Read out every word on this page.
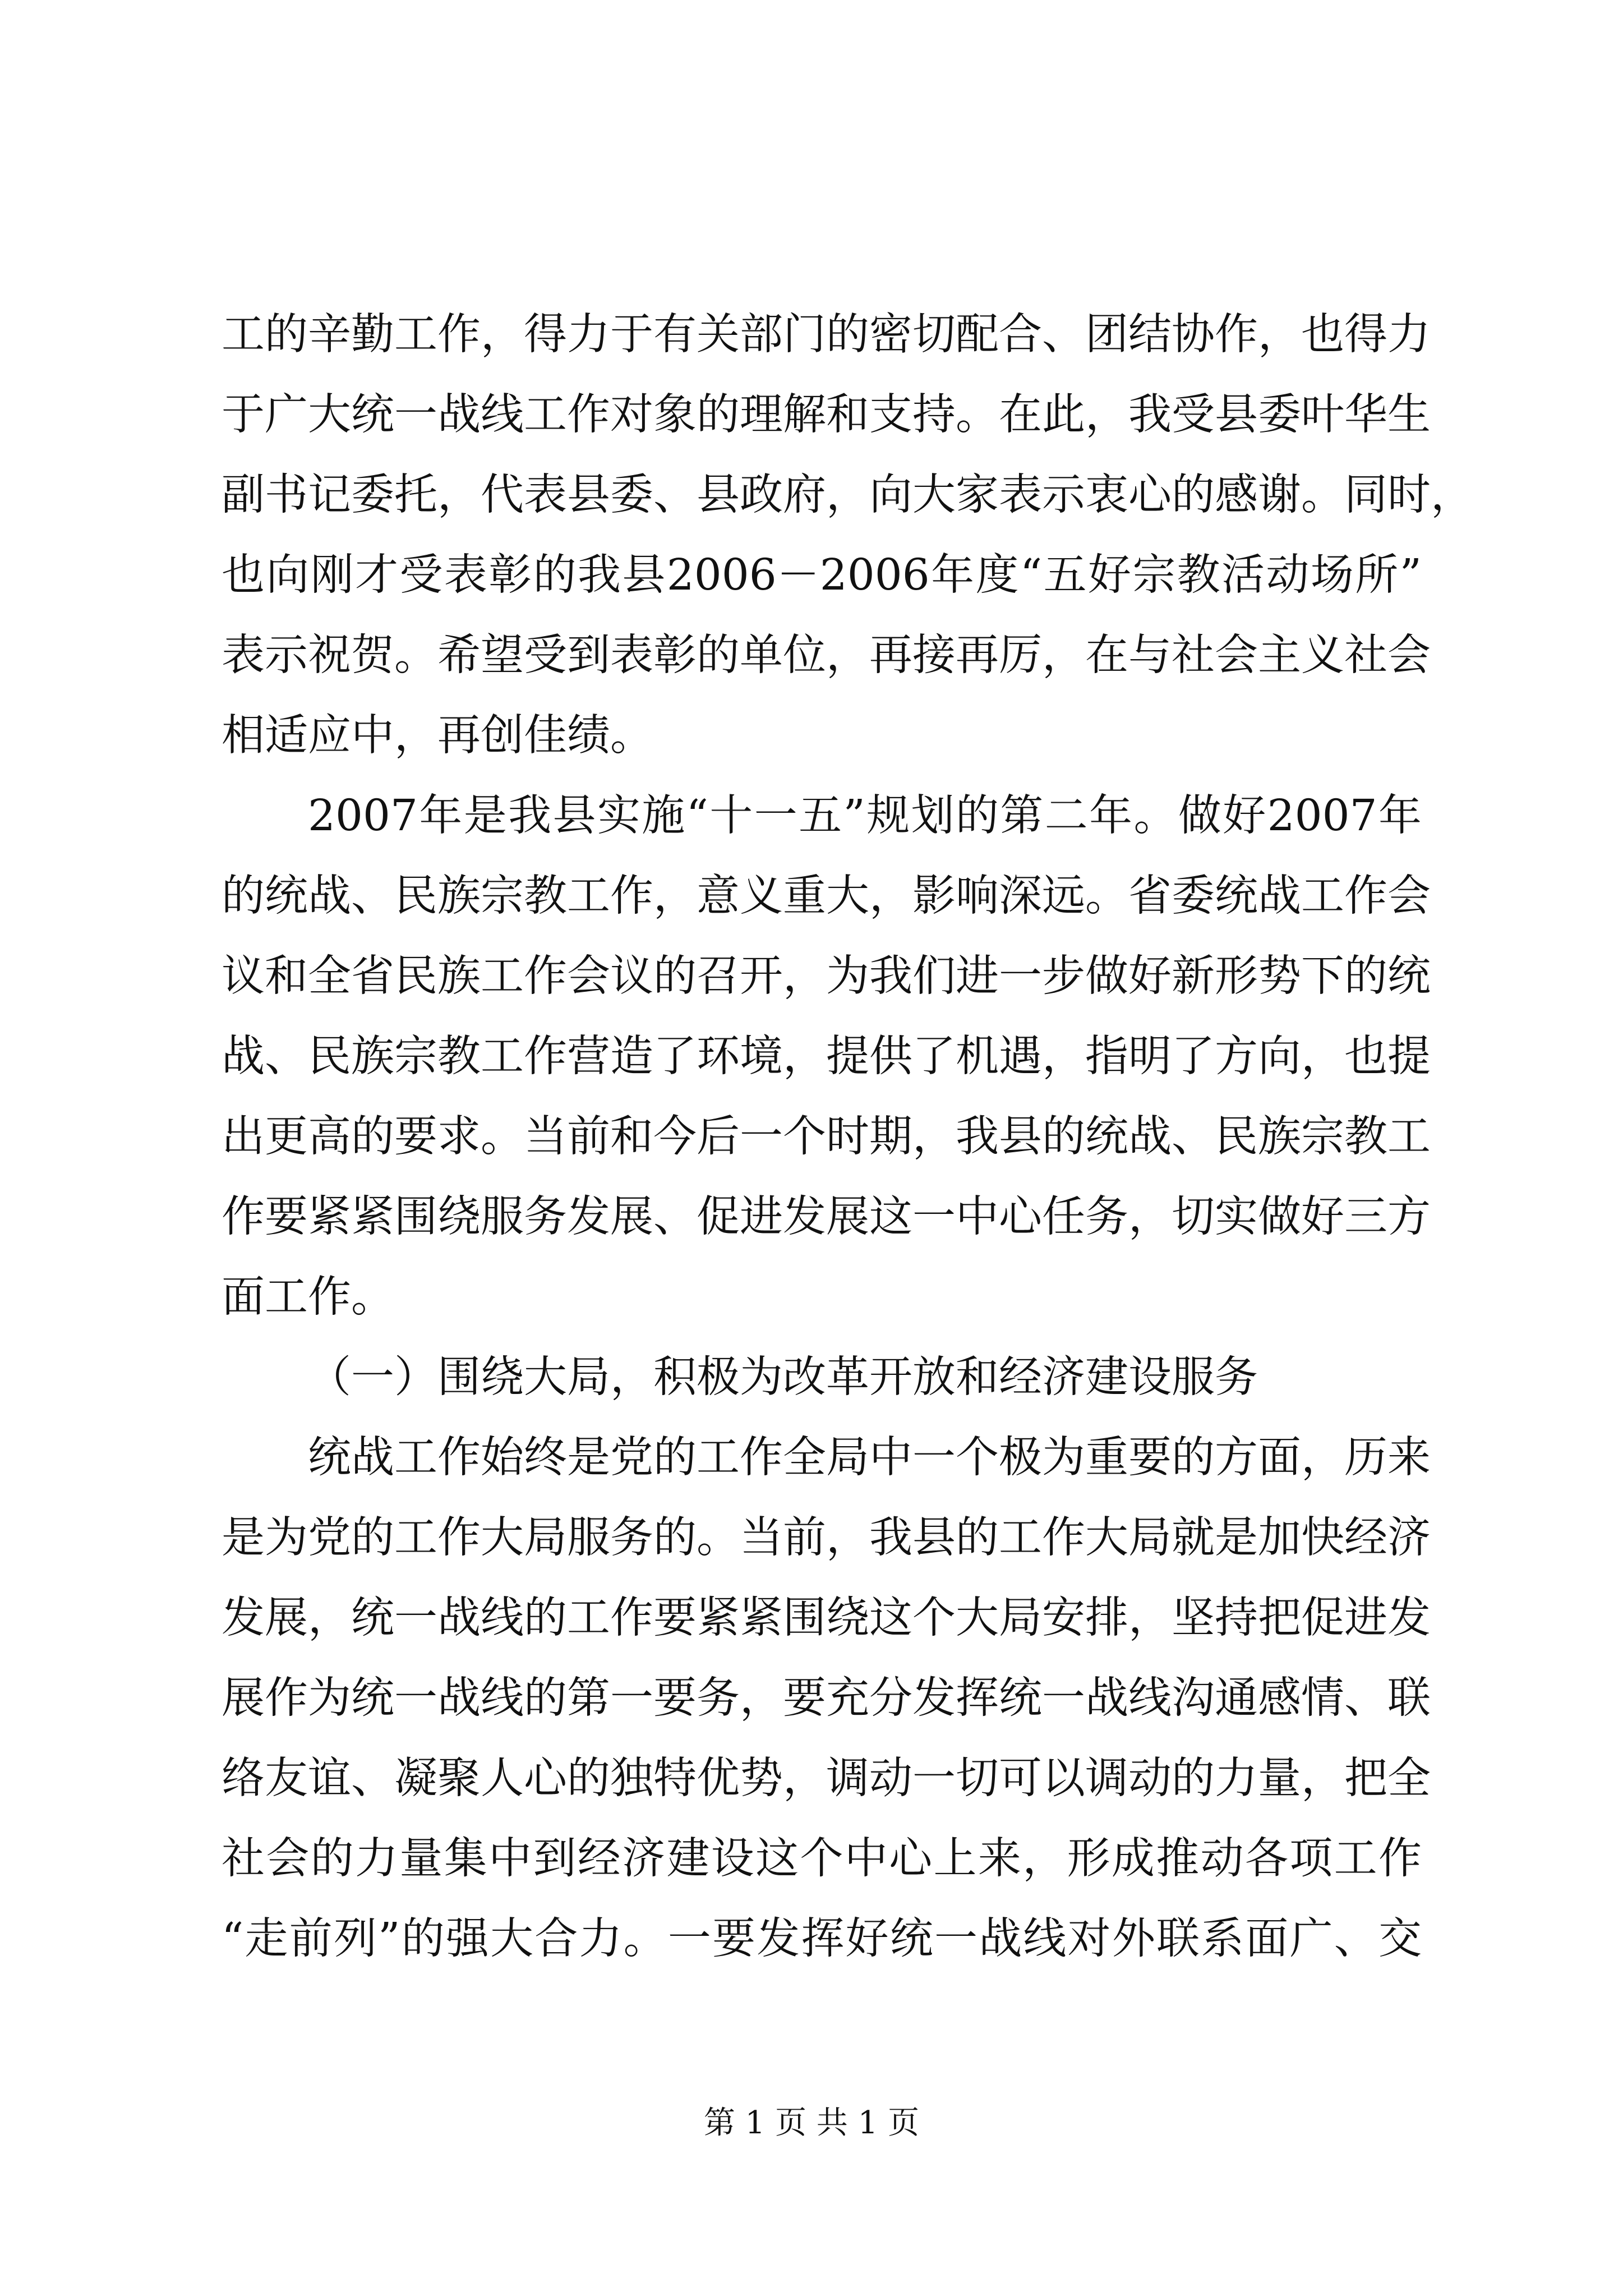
工的辛勤工作，得力于有关部门的密切配合、团结协作，也得力
于广大统一战线工作对象的理解和支持。在此，我受县委叶华生
副书记委托，代表县委、县政府，向大家表示衷心的感谢。同时，
也向刚才受表彰的我县2006－2006年度“五好宗教活动场所”
表示祝贺。希望受到表彰的单位，再接再厉，在与社会主义社会
相适应中，再创佳绩。
2007年是我县实施“十一五”规划的第二年。做好2007年
的统战、民族宗教工作，意义重大，影响深远。省委统战工作会
议和全省民族工作会议的召开，为我们进一步做好新形势下的统
战、民族宗教工作营造了环境，提供了机遇，指明了方向，也提
出更高的要求。当前和今后一个时期，我县的统战、民族宗教工
作要紧紧围绕服务发展、促进发展这一中心任务，切实做好三方
面工作。
（一）围绕大局，积极为改革开放和经济建设服务
统战工作始终是党的工作全局中一个极为重要的方面，历来
是为党的工作大局服务的。当前，我县的工作大局就是加快经济
发展，统一战线的工作要紧紧围绕这个大局安排，坚持把促进发
展作为统一战线的第一要务，要充分发挥统一战线沟通感情、联
络友谊、凝聚人心的独特优势，调动一切可以调动的力量，把全
社会的力量集中到经济建设这个中心上来，形成推动各项工作
“走前列”的强大合力。一要发挥好统一战线对外联系面广、交
第 1 页 共 1 页
